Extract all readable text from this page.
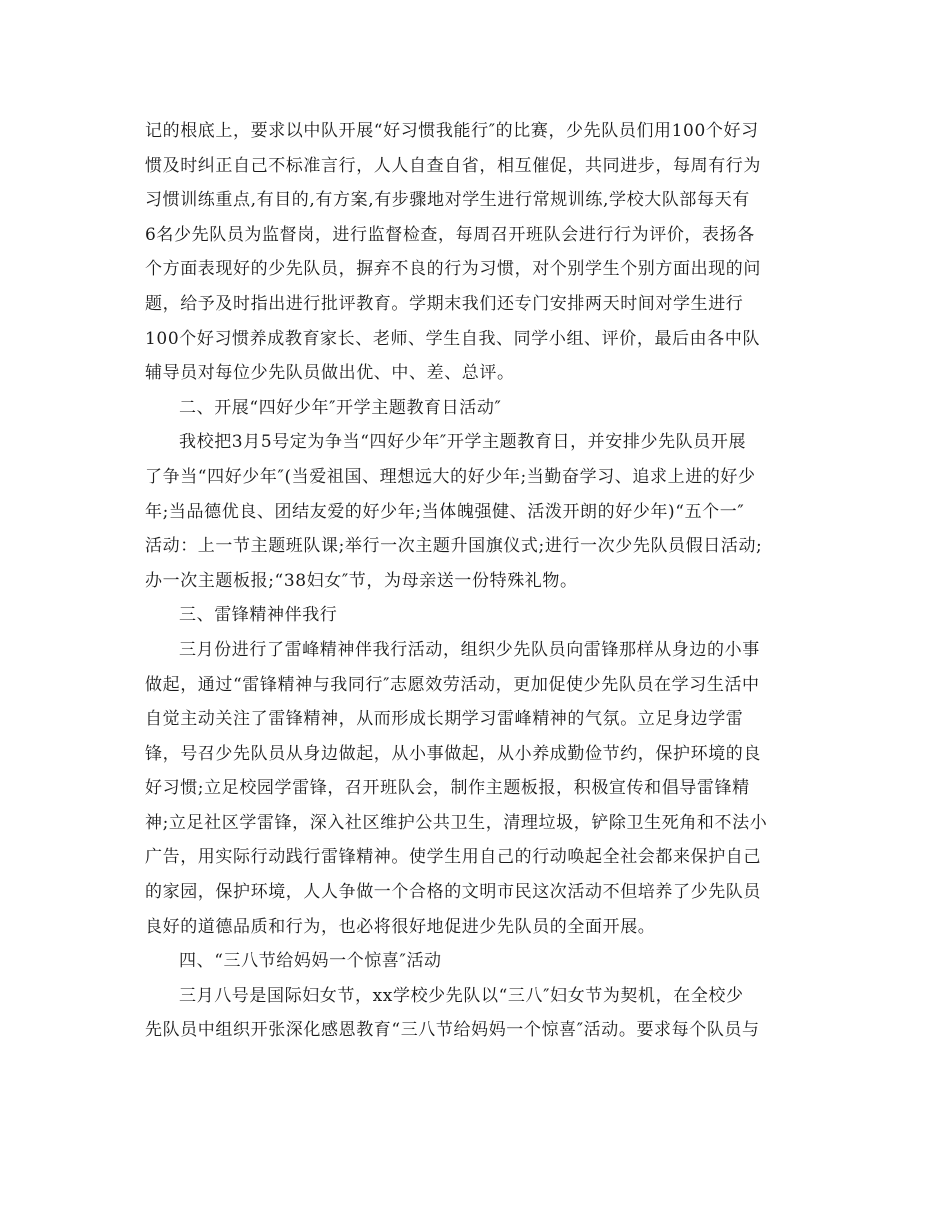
记的根底上，要求以中队开展“好习惯我能行″的比赛，少先队员们用100个好习
惯及时纠正自己不标准言行，人人自查自省，相互催促，共同进步，每周有行为
习惯训练重点,有目的,有方案,有步骤地对学生进行常规训练,学校大队部每天有
6名少先队员为监督岗，进行监督检查，每周召开班队会进行行为评价，表扬各
个方面表现好的少先队员，摒弃不良的行为习惯，对个别学生个别方面出现的问
题，给予及时指出进行批评教育。学期末我们还专门安排两天时间对学生进行
100个好习惯养成教育家长、老师、学生自我、同学小组、评价，最后由各中队
辅导员对每位少先队员做出优、中、差、总评。
二、开展“四好少年″开学主题教育日活动″
我校把3月5号定为争当“四好少年″开学主题教育日，并安排少先队员开展
了争当“四好少年″(当爱祖国、理想远大的好少年;当勤奋学习、追求上进的好少
年;当品德优良、团结友爱的好少年;当体魄强健、活泼开朗的好少年)“五个一″
活动：上一节主题班队课;举行一次主题升国旗仪式;进行一次少先队员假日活动;
办一次主题板报;“38妇女″节，为母亲送一份特殊礼物。
三、雷锋精神伴我行
三月份进行了雷峰精神伴我行活动，组织少先队员向雷锋那样从身边的小事
做起，通过“雷锋精神与我同行″志愿效劳活动，更加促使少先队员在学习生活中
自觉主动关注了雷锋精神，从而形成长期学习雷峰精神的气氛。立足身边学雷
锋，号召少先队员从身边做起，从小事做起，从小养成勤俭节约，保护环境的良
好习惯;立足校园学雷锋，召开班队会，制作主题板报，积极宣传和倡导雷锋精
神;立足社区学雷锋，深入社区维护公共卫生，清理垃圾，铲除卫生死角和不法小
广告，用实际行动践行雷锋精神。使学生用自己的行动唤起全社会都来保护自己
的家园，保护环境，人人争做一个合格的文明市民这次活动不但培养了少先队员
良好的道德品质和行为，也必将很好地促进少先队员的全面开展。
四、“三八节给妈妈一个惊喜″活动
三月八号是国际妇女节，xx学校少先队以“三八″妇女节为契机，在全校少
先队员中组织开张深化感恩教育“三八节给妈妈一个惊喜″活动。要求每个队员与
